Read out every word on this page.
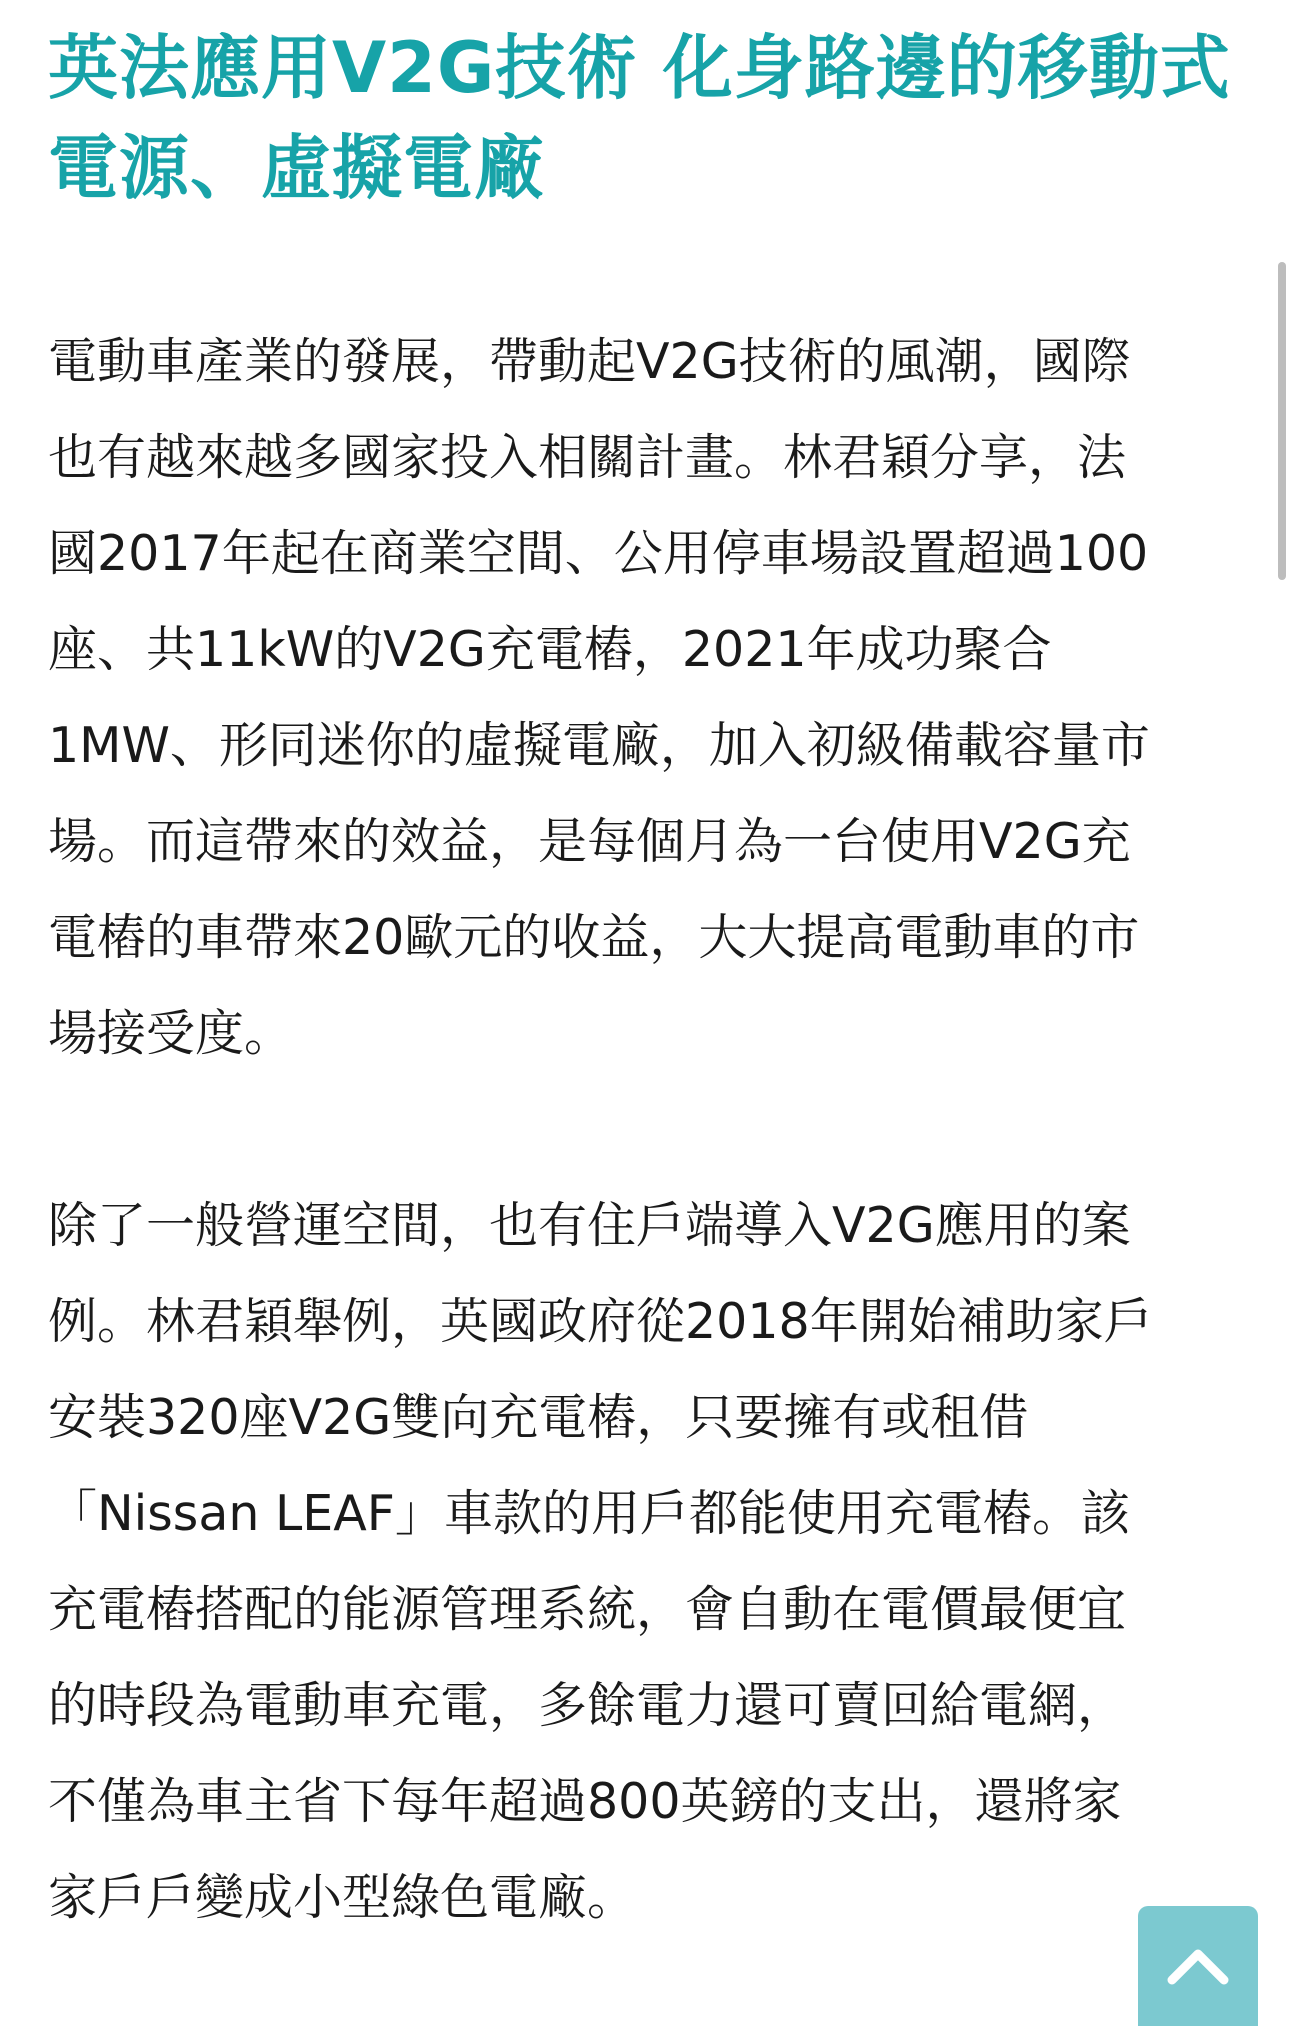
英法應用V2G技術 化身路邊的移動式
電源、虛擬電廠

電動車產業的發展，帶動起V2G技術的風潮，國際
也有越來越多國家投入相關計畫。林君穎分享，法
國2017年起在商業空間、公用停車場設置超過100
座、共11kW的V2G充電樁，2021年成功聚合
1MW、形同迷你的虛擬電廠，加入初級備載容量市
場。而這帶來的效益，是每個月為一台使用V2G充
電樁的車帶來20歐元的收益，大大提高電動車的市
場接受度。

除了一般營運空間，也有住戶端導入V2G應用的案
例。林君穎舉例，英國政府從2018年開始補助家戶
安裝320座V2G雙向充電樁，只要擁有或租借
「Nissan LEAF」車款的用戶都能使用充電樁。該
充電樁搭配的能源管理系統，會自動在電價最便宜
的時段為電動車充電，多餘電力還可賣回給電網，
不僅為車主省下每年超過800英鎊的支出，還將家
家戶戶變成小型綠色電廠。
